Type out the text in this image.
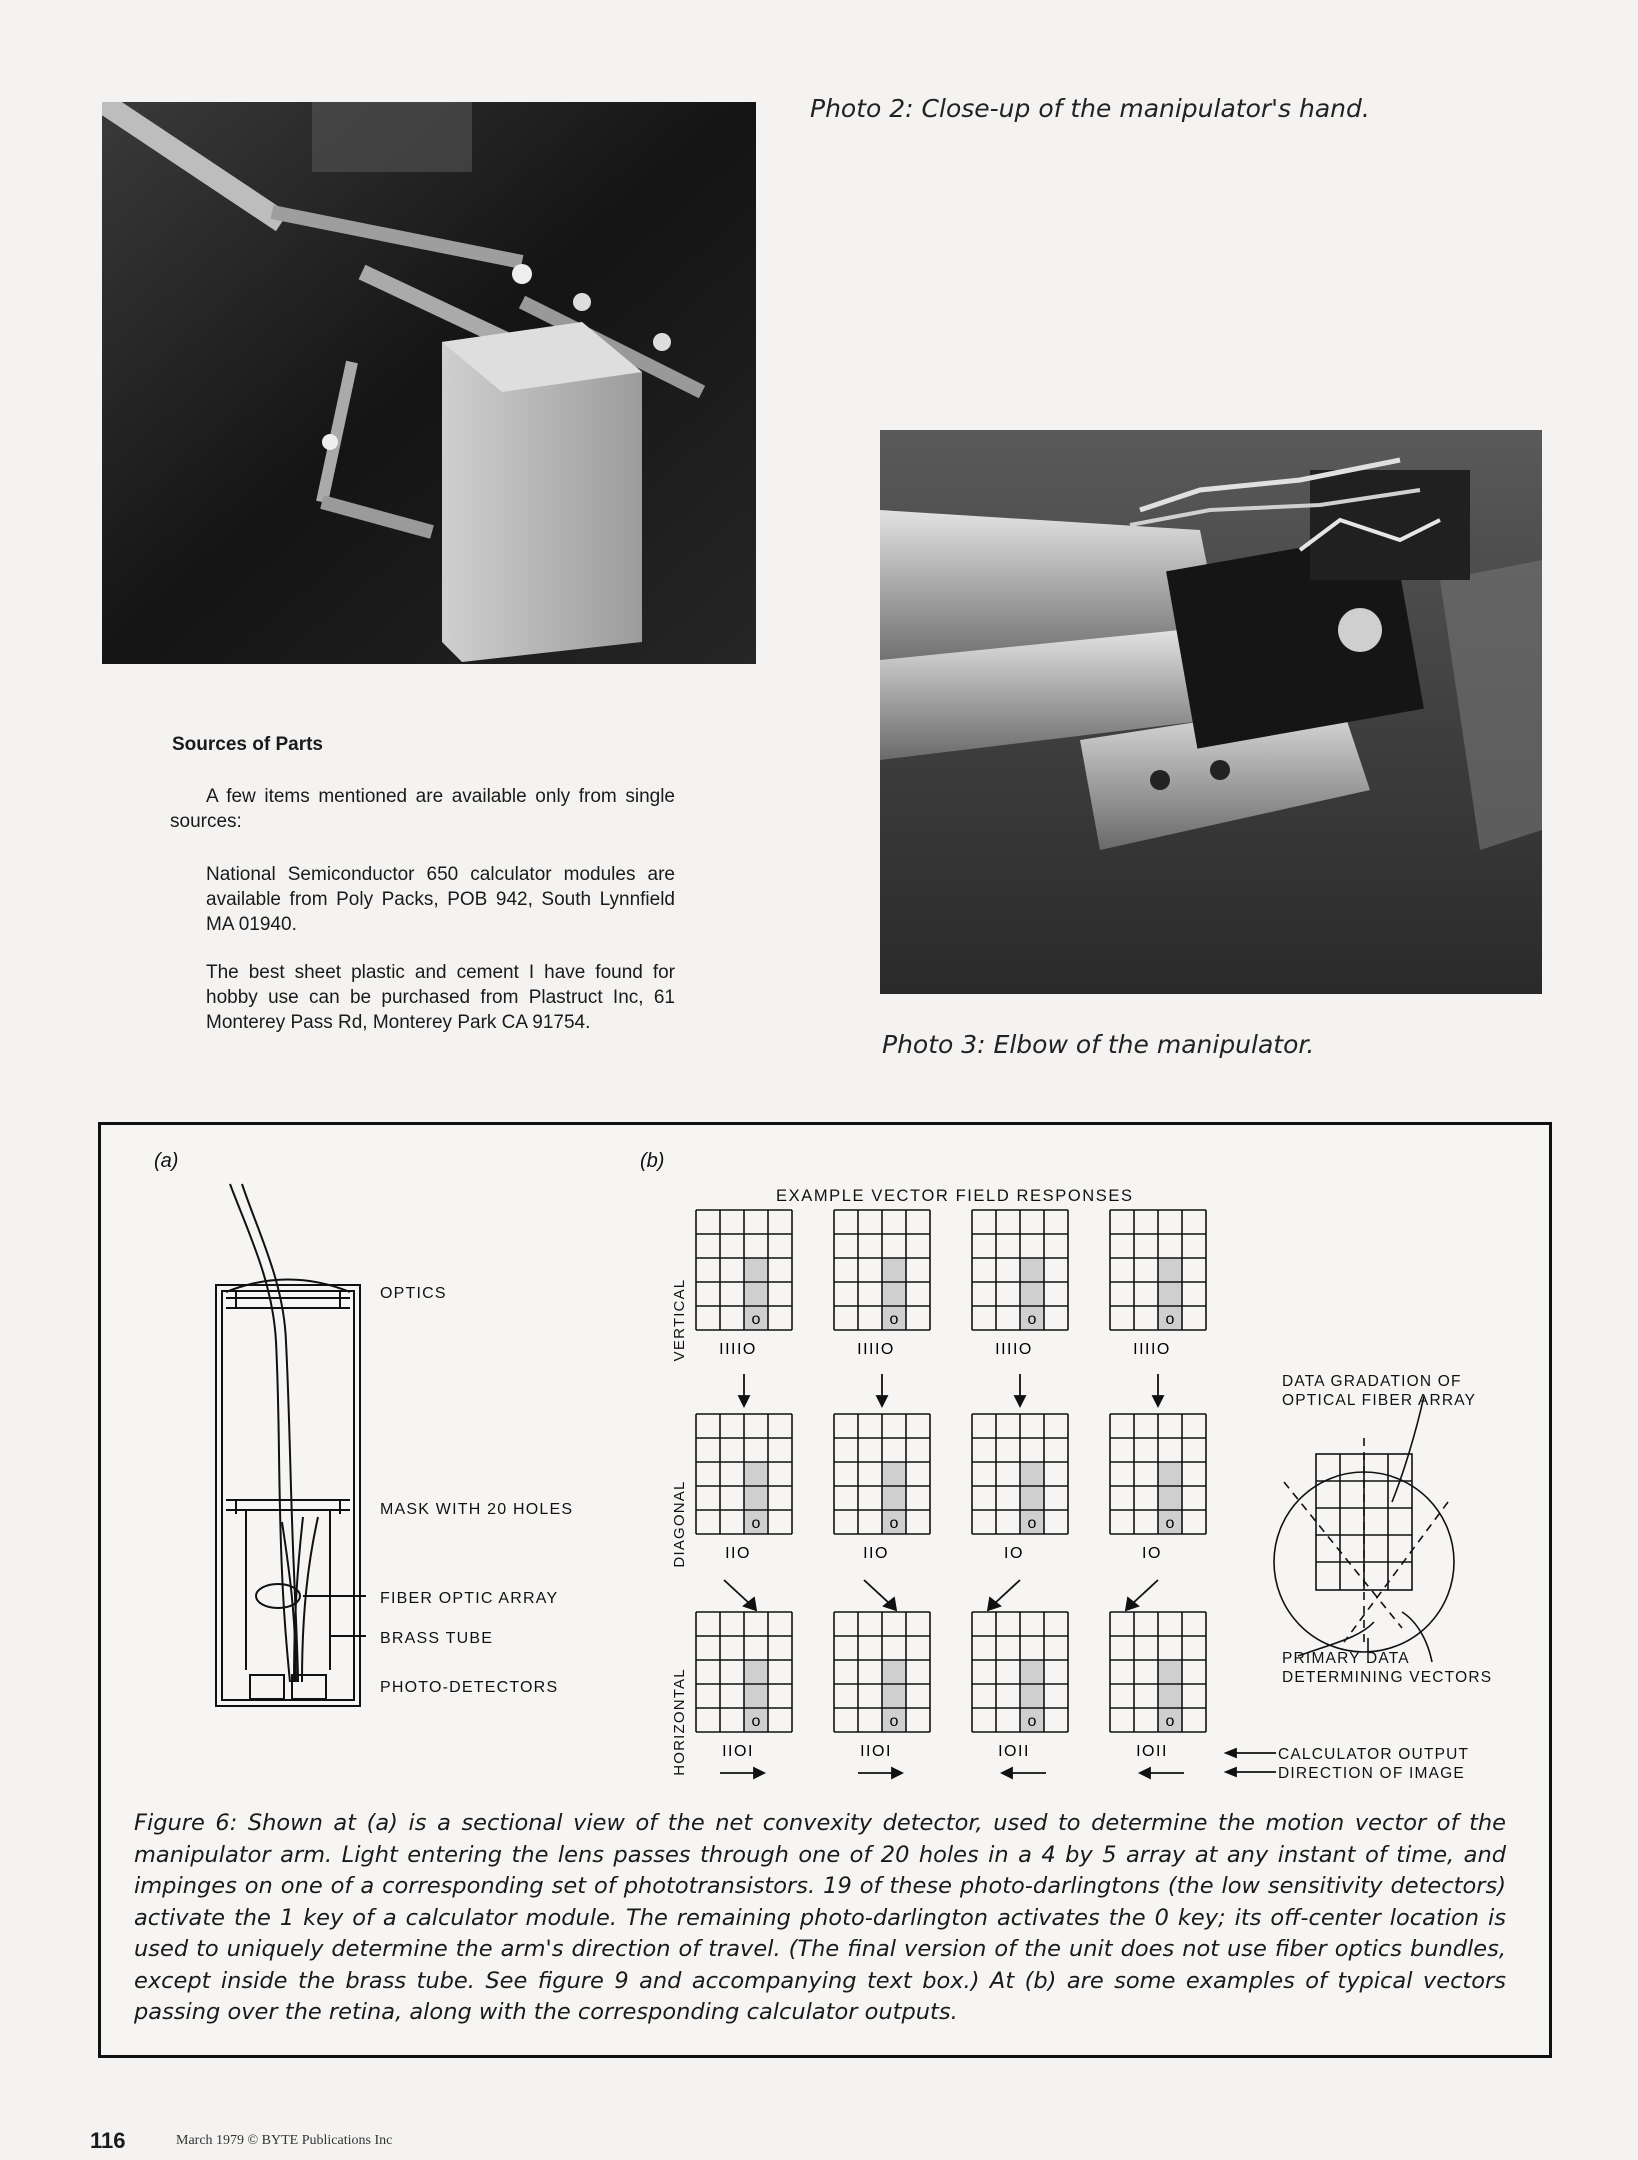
Photo 2: Close-up of the manipulator's hand.
Photo 3: Elbow of the manipulator.
Sources of Parts
A few items mentioned are available only from single sources:
National Semiconductor 650 calculator modules are available from Poly Packs, POB 942, South Lynnfield MA 01940.
The best sheet plastic and cement I have found for hobby use can be purchased from Plastruct Inc, 61 Monterey Pass Rd, Monterey Park CA 91754.
(a)	(b)
EXAMPLE VECTOR FIELD RESPONSES
OPTICS
MASK WITH 20 HOLES
FIBER OPTIC ARRAY
BRASS TUBE
PHOTO-DETECTORS
VERTICAL
DIAGONAL
HORIZONTAL
o
IIIIO
o
IIIIO
o
IIIIO
o
IIIIO
o
IIO
o
IIO
o
IO
o
IO
o
IIOI
o
IIOI
o
IOII
o
IOII
DATA GRADATION OF
OPTICAL FIBER ARRAY
PRIMARY DATA
DETERMINING VECTORS
CALCULATOR OUTPUT
DIRECTION OF IMAGE
Figure 6: Shown at (a) is a sectional view of the net convexity detector, used to determine the motion vector of the manipulator arm. Light entering the lens passes through one of 20 holes in a 4 by 5 array at any instant of time, and impinges on one of a corresponding set of phototransistors. 19 of these photo-darlingtons (the low sensitivity detectors) activate the 1 key of a calculator module. The remaining photo-darlington activates the 0 key; its off-center location is used to uniquely determine the arm's direction of travel. (The final version of the unit does not use fiber optics bundles, except inside the brass tube. See figure 9 and accompanying text box.) At (b) are some examples of typical vectors passing over the retina, along with the corresponding calculator outputs.
116	March 1979 © BYTE Publications Inc
